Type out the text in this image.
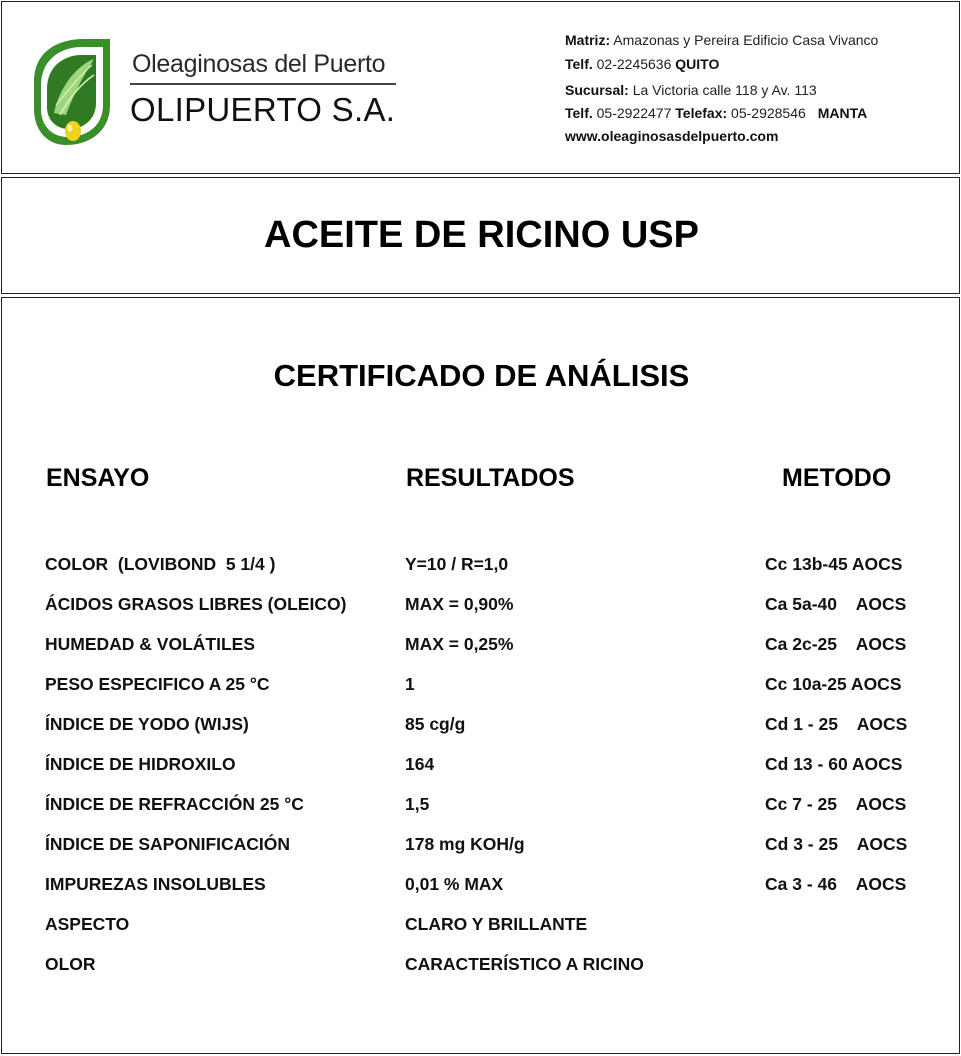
Oleaginosas del Puerto
OLIPUERTO S.A.
Matriz: Amazonas y Pereira Edificio Casa Vivanco
Telf. 02-2245636 QUITO
Sucursal: La Victoria calle 118 y Av. 113
Telf. 05-2922477 Telefax: 05-2928546 MANTA
www.oleaginosasdelpuerto.com
ACEITE DE RICINO USP
CERTIFICADO DE ANÁLISIS
ENSAYO	RESULTADOS	METODO
COLOR  (LOVIBOND  5 1/4 )	Y=10 / R=1,0	Cc 13b-45 AOCS
ÁCIDOS GRASOS LIBRES (OLEICO)	MAX = 0,90%	Ca 5a-40    AOCS
HUMEDAD & VOLÁTILES	MAX = 0,25%	Ca 2c-25    AOCS
PESO ESPECIFICO A 25 °C	1	Cc 10a-25 AOCS
ÍNDICE DE YODO (WIJS)	85 cg/g	Cd 1 - 25    AOCS
ÍNDICE DE HIDROXILO	164	Cd 13 - 60 AOCS
ÍNDICE DE REFRACCIÓN 25 °C	1,5	Cc 7 - 25    AOCS
ÍNDICE DE SAPONIFICACIÓN	178 mg KOH/g	Cd 3 - 25    AOCS
IMPUREZAS INSOLUBLES	0,01 % MAX	Ca 3 - 46    AOCS
ASPECTO	CLARO Y BRILLANTE
OLOR	CARACTERÍSTICO A RICINO
